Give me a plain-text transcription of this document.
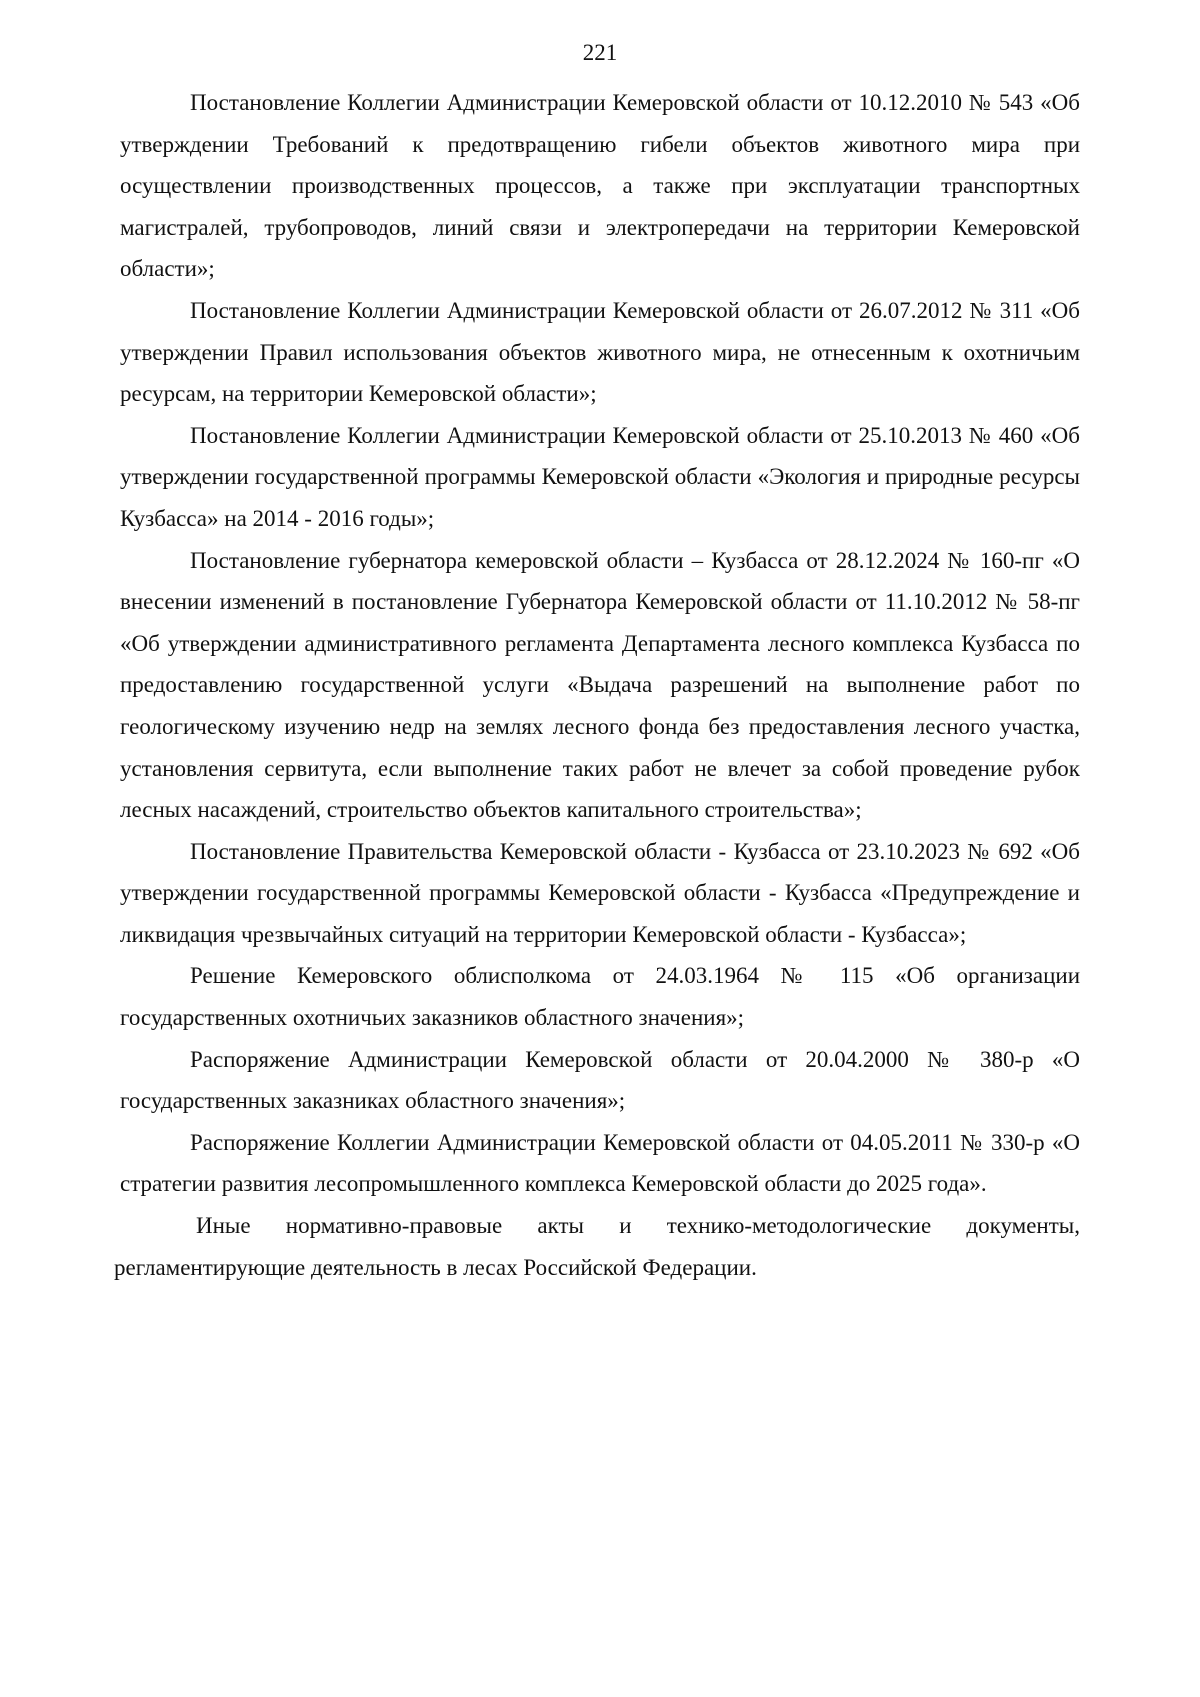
221

Постановление Коллегии Администрации Кемеровской области от 10.12.2010 № 543 «Об утверждении Требований к предотвращению гибели объектов животного мира при осуществлении производственных процессов, а также при эксплуатации транспортных магистралей, трубопроводов, линий связи и электропередачи на территории Кемеровской области»;

Постановление Коллегии Администрации Кемеровской области от 26.07.2012 № 311 «Об утверждении Правил использования объектов животного мира, не отнесенным к охотничьим ресурсам, на территории Кемеровской области»;

Постановление Коллегии Администрации Кемеровской области от 25.10.2013 № 460 «Об утверждении государственной программы Кемеровской области «Экология и природные ресурсы Кузбасса» на 2014 - 2016 годы»;

Постановление губернатора кемеровской области – Кузбасса от 28.12.2024 № 160-пг «О внесении изменений в постановление Губернатора Кемеровской области от 11.10.2012 № 58-пг «Об утверждении административного регламента Департамента лесного комплекса Кузбасса по предоставлению государственной услуги «Выдача разрешений на выполнение работ по геологическому изучению недр на землях лесного фонда без предоставления лесного участка, установления сервитута, если выполнение таких работ не влечет за собой проведение рубок лесных насаждений, строительство объектов капитального строительства»;

Постановление Правительства Кемеровской области - Кузбасса от 23.10.2023 № 692 «Об утверждении государственной программы Кемеровской области - Кузбасса «Предупреждение и ликвидация чрезвычайных ситуаций на территории Кемеровской области - Кузбасса»;

Решение Кемеровского облисполкома от 24.03.1964 № 115 «Об организации государственных охотничьих заказников областного значения»;

Распоряжение Администрации Кемеровской области от 20.04.2000 № 380-р «О государственных заказниках областного значения»;

Распоряжение Коллегии Администрации Кемеровской области от 04.05.2011 № 330-р «О стратегии развития лесопромышленного комплекса Кемеровской области до 2025 года».

Иные нормативно-правовые акты и технико-методологические документы, регламентирующие деятельность в лесах Российской Федерации.
